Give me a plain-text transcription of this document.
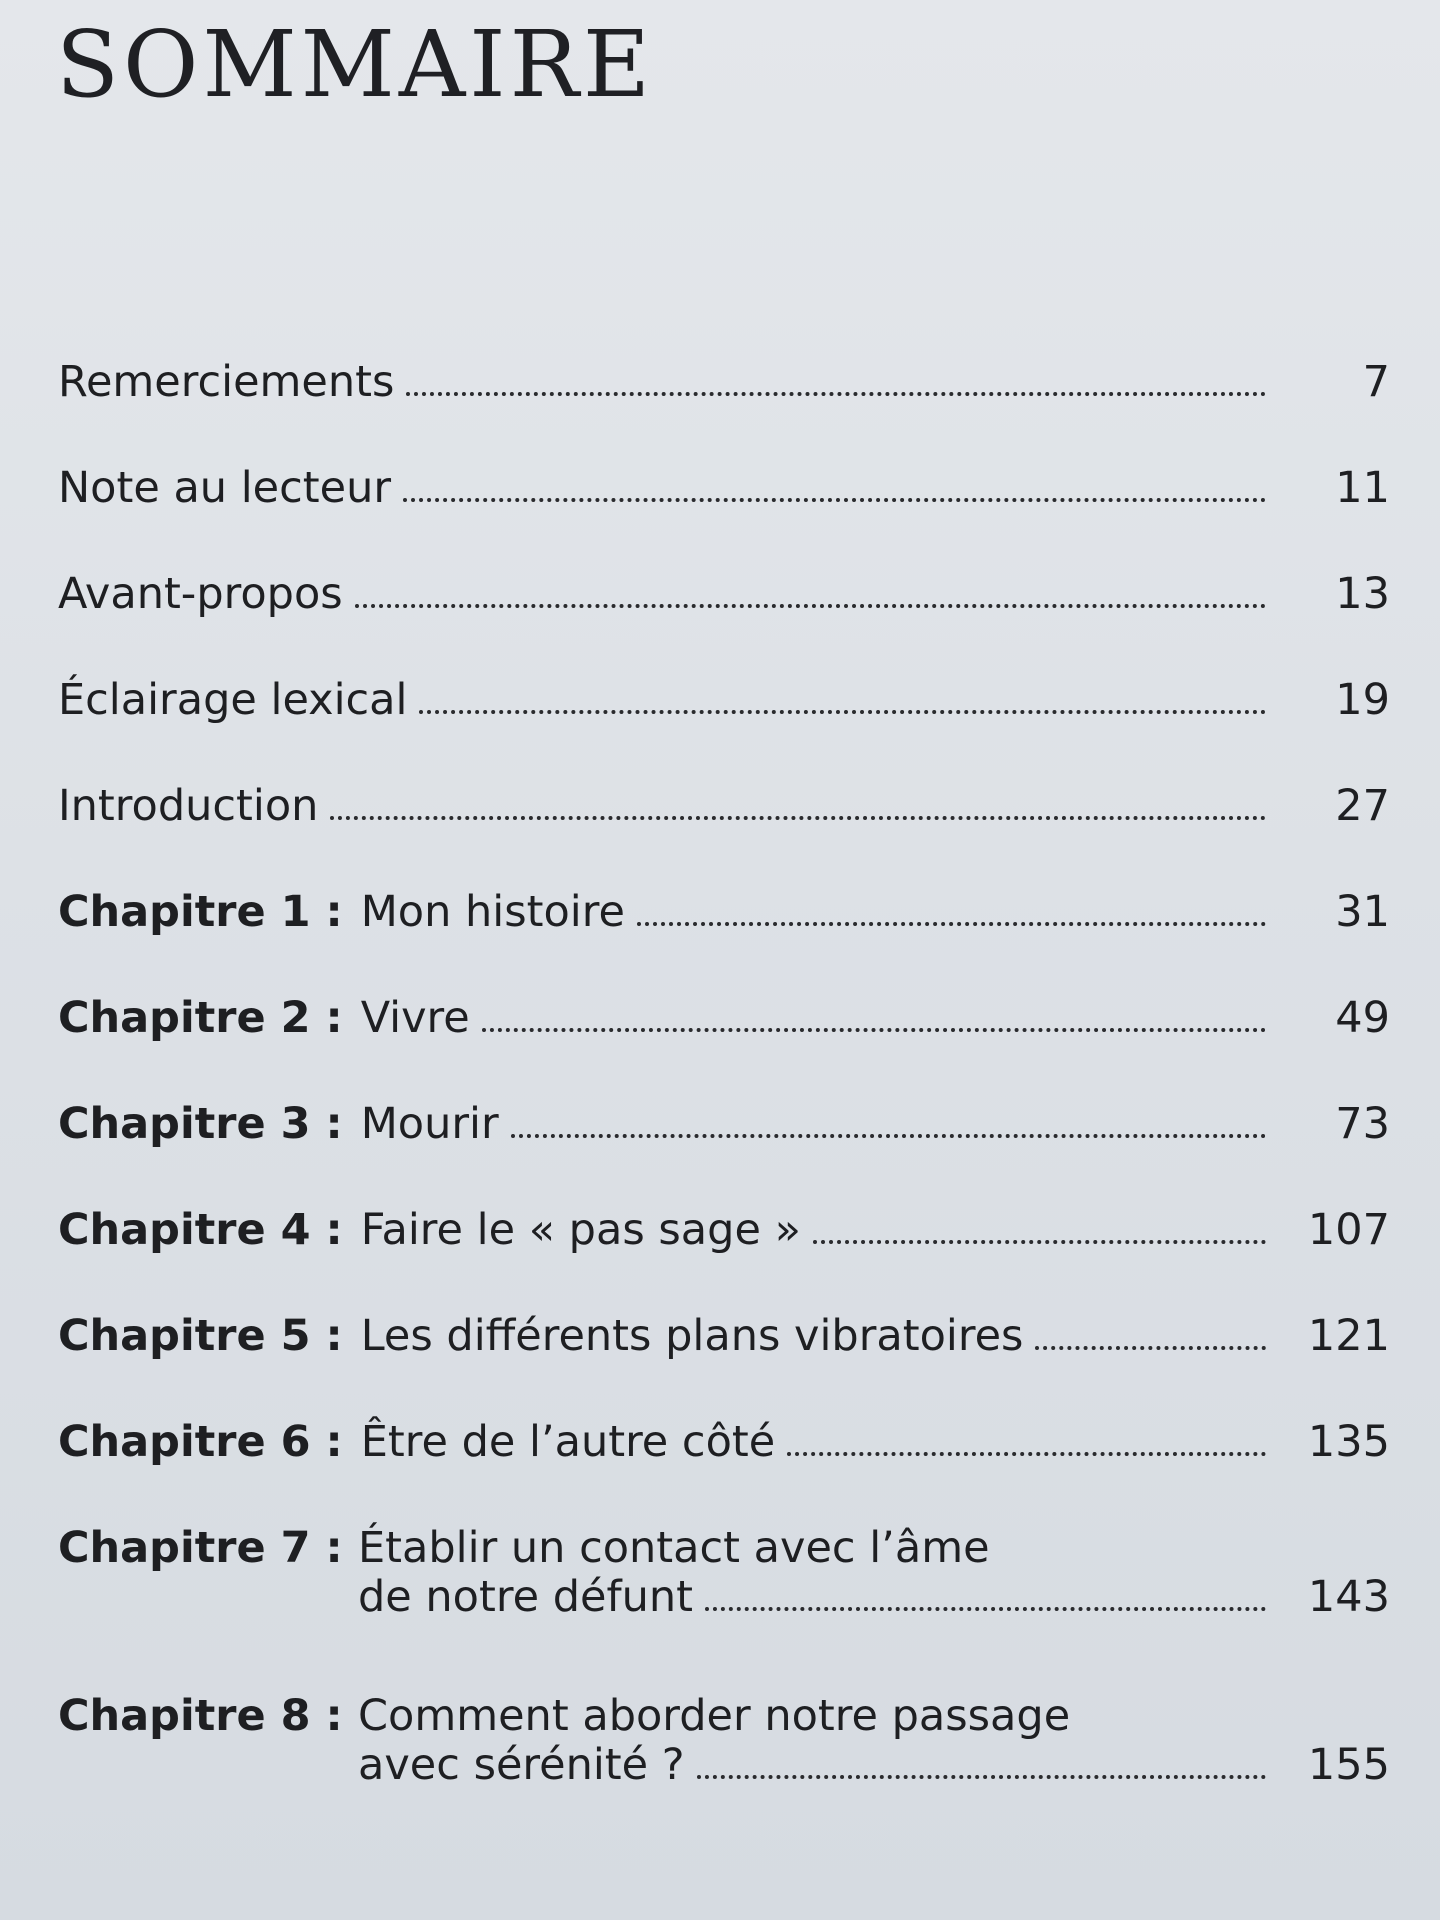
SOMMAIRE
Remerciements	7
Note au lecteur	11
Avant-propos	13
Éclairage lexical	19
Introduction	27
Chapitre 1 : Mon histoire	31
Chapitre 2 : Vivre	49
Chapitre 3 : Mourir	73
Chapitre 4 : Faire le « pas sage »	107
Chapitre 5 : Les différents plans vibratoires	121
Chapitre 6 : Être de l’autre côté	135
Chapitre 7 : Établir un contact avec l’âme
de notre défunt	143
Chapitre 8 : Comment aborder notre passage
avec sérénité ?	155
